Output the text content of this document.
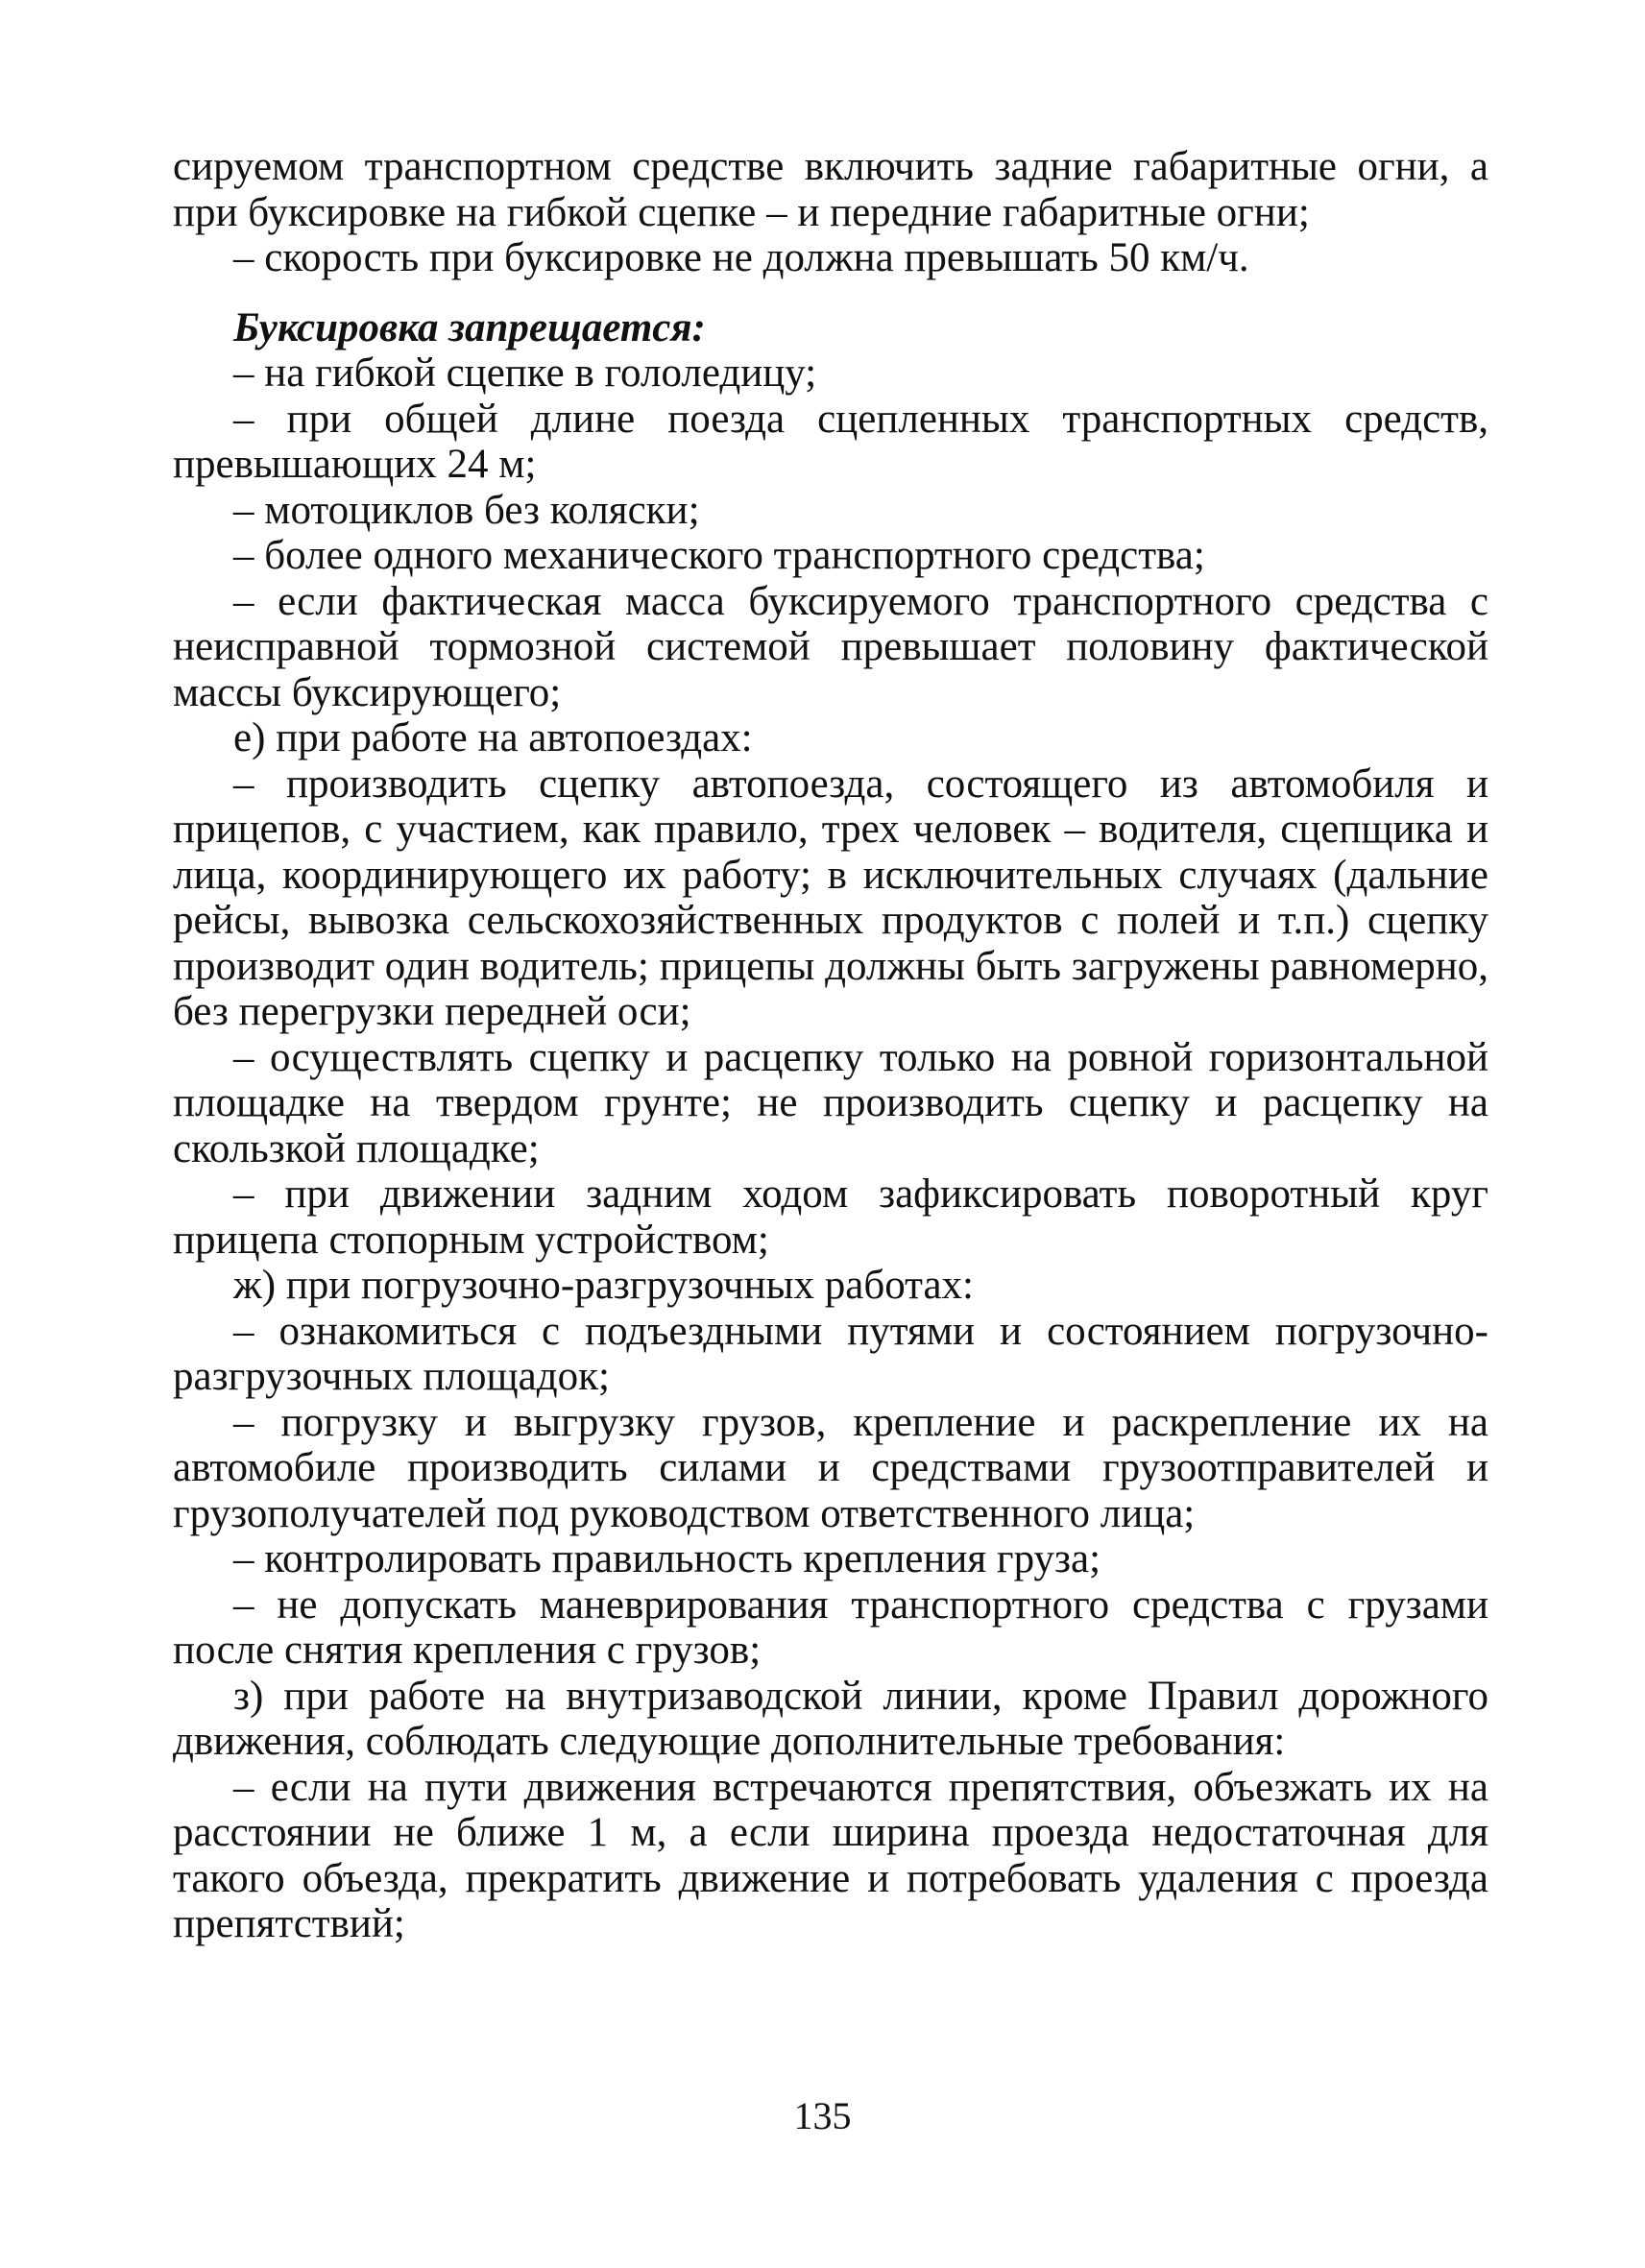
сируемом транспортном средстве включить задние габаритные огни, а при буксировке на гибкой сцепке – и передние габаритные огни;

– скорость при буксировке не должна превышать 50 км/ч.

Буксировка запрещается:

– на гибкой сцепке в гололедицу;

– при общей длине поезда сцепленных транспортных средств, превышающих 24 м;

– мотоциклов без коляски;

– более одного механического транспортного средства;

– если фактическая масса буксируемого транспортного средства с неисправной тормозной системой превышает половину фактической массы буксирующего;

е) при работе на автопоездах:

– производить сцепку автопоезда, состоящего из автомобиля и прицепов, с участием, как правило, трех человек – водителя, сцепщика и лица, координирующего их работу; в исключительных случаях (дальние рейсы, вывозка сельскохозяйственных продуктов с полей и т.п.) сцепку производит один водитель; прицепы должны быть загружены равномерно, без перегрузки передней оси;

– осуществлять сцепку и расцепку только на ровной горизонтальной площадке на твердом грунте; не производить сцепку и расцепку на скользкой площадке;

– при движении задним ходом зафиксировать поворотный круг прицепа стопорным устройством;

ж) при погрузочно-разгрузочных работах:

– ознакомиться с подъездными путями и состоянием погрузочно-разгрузочных площадок;

– погрузку и выгрузку грузов, крепление и раскрепление их на автомобиле производить силами и средствами грузоотправителей и грузополучателей под руководством ответственного лица;

– контролировать правильность крепления груза;

– не допускать маневрирования транспортного средства с грузами после снятия крепления с грузов;

з) при работе на внутризаводской линии, кроме Правил дорожного движения, соблюдать следующие дополнительные требования:

– если на пути движения встречаются препятствия, объезжать их на расстоянии не ближе 1 м, а если ширина проезда недостаточная для такого объезда, прекратить движение и потребовать удаления с проезда препятствий;

135
